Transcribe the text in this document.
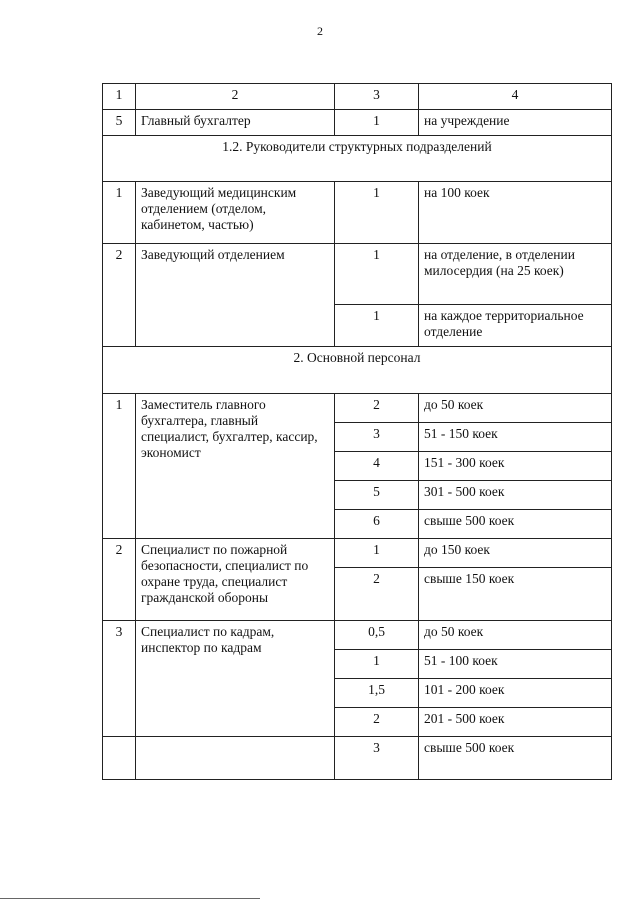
2
1	2	3	4
5	Главный бухгалтер	1	на учреждение
1.2. Руководители структурных подразделений			
1	Заведующий медицинским отделением (отделом, кабинетом, частью)	1	на 100 коек
2	Заведующий отделением	1	на отделение, в отделении милосердия (на 25 коек)
		1	на каждое территориальное отделение
2. Основной персонал			
1	Заместитель главного бухгалтера, главный специалист, бухгалтер, кассир, экономист	2	до 50 коек
		3	51 - 150 коек
		4	151 - 300 коек
		5	301 - 500 коек
		6	свыше 500 коек
2	Специалист по пожарной безопасности, специалист по охране труда, специалист гражданской обороны	1	до 150 коек
		2	свыше 150 коек
3	Специалист по кадрам, инспектор по кадрам	0,5	до 50 коек
		1	51 - 100 коек
		1,5	101 - 200 коек
		2	201 - 500 коек
		3	свыше 500 коек
